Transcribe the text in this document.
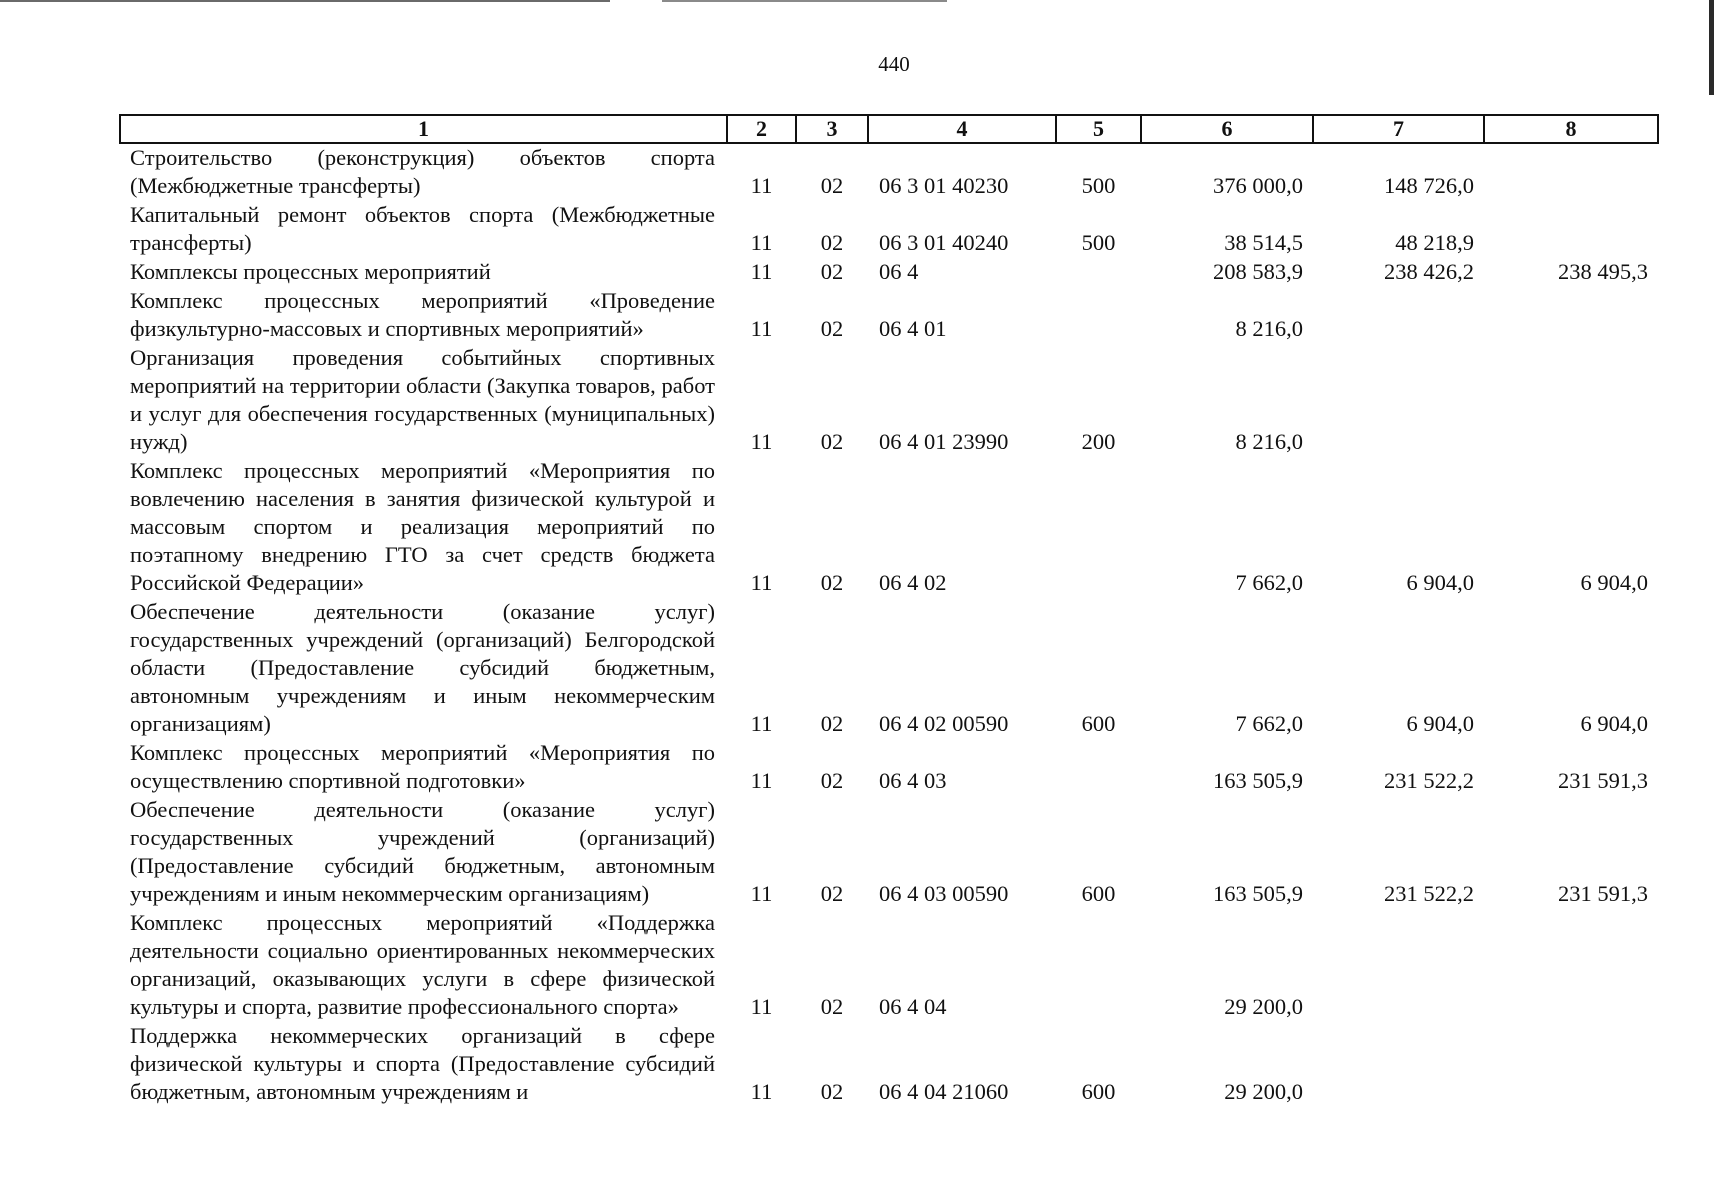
440
1	2	3	4	5	6	7	8
Строительство (реконструкция) объектов спорта (Межбюджетные трансферты)	11	02	06 3 01 40230	500	376 000,0	148 726,0	
Капитальный ремонт объектов спорта (Межбюджетные трансферты)	11	02	06 3 01 40240	500	38 514,5	48 218,9	
Комплексы процессных мероприятий	11	02	06 4		208 583,9	238 426,2	238 495,3
Комплекс процессных мероприятий «Проведение физкультурно-массовых и спортивных мероприятий»	11	02	06 4 01		8 216,0		
Организация проведения событийных спортивных мероприятий на территории области (Закупка товаров, работ и услуг для обеспечения государственных (муниципальных) нужд)	11	02	06 4 01 23990	200	8 216,0		
Комплекс процессных мероприятий «Мероприятия по вовлечению населения в занятия физической культурой и массовым спортом и реализация мероприятий по поэтапному внедрению ГТО за счет средств бюджета Российской Федерации»	11	02	06 4 02		7 662,0	6 904,0	6 904,0
Обеспечение деятельности (оказание услуг) государственных учреждений (организаций) Белгородской области (Предоставление субсидий бюджетным, автономным учреждениям и иным некоммерческим организациям)	11	02	06 4 02 00590	600	7 662,0	6 904,0	6 904,0
Комплекс процессных мероприятий «Мероприятия по осуществлению спортивной подготовки»	11	02	06 4 03		163 505,9	231 522,2	231 591,3
Обеспечение деятельности (оказание услуг) государственных учреждений (организаций) (Предоставление субсидий бюджетным, автономным учреждениям и иным некоммерческим организациям)	11	02	06 4 03 00590	600	163 505,9	231 522,2	231 591,3
Комплекс процессных мероприятий «Поддержка деятельности социально ориентированных некоммерческих организаций, оказывающих услуги в сфере физической культуры и спорта, развитие профессионального спорта»	11	02	06 4 04		29 200,0		
Поддержка некоммерческих организаций в сфере физической культуры и спорта (Предоставление субсидий бюджетным, автономным учреждениям и	11	02	06 4 04 21060	600	29 200,0		
